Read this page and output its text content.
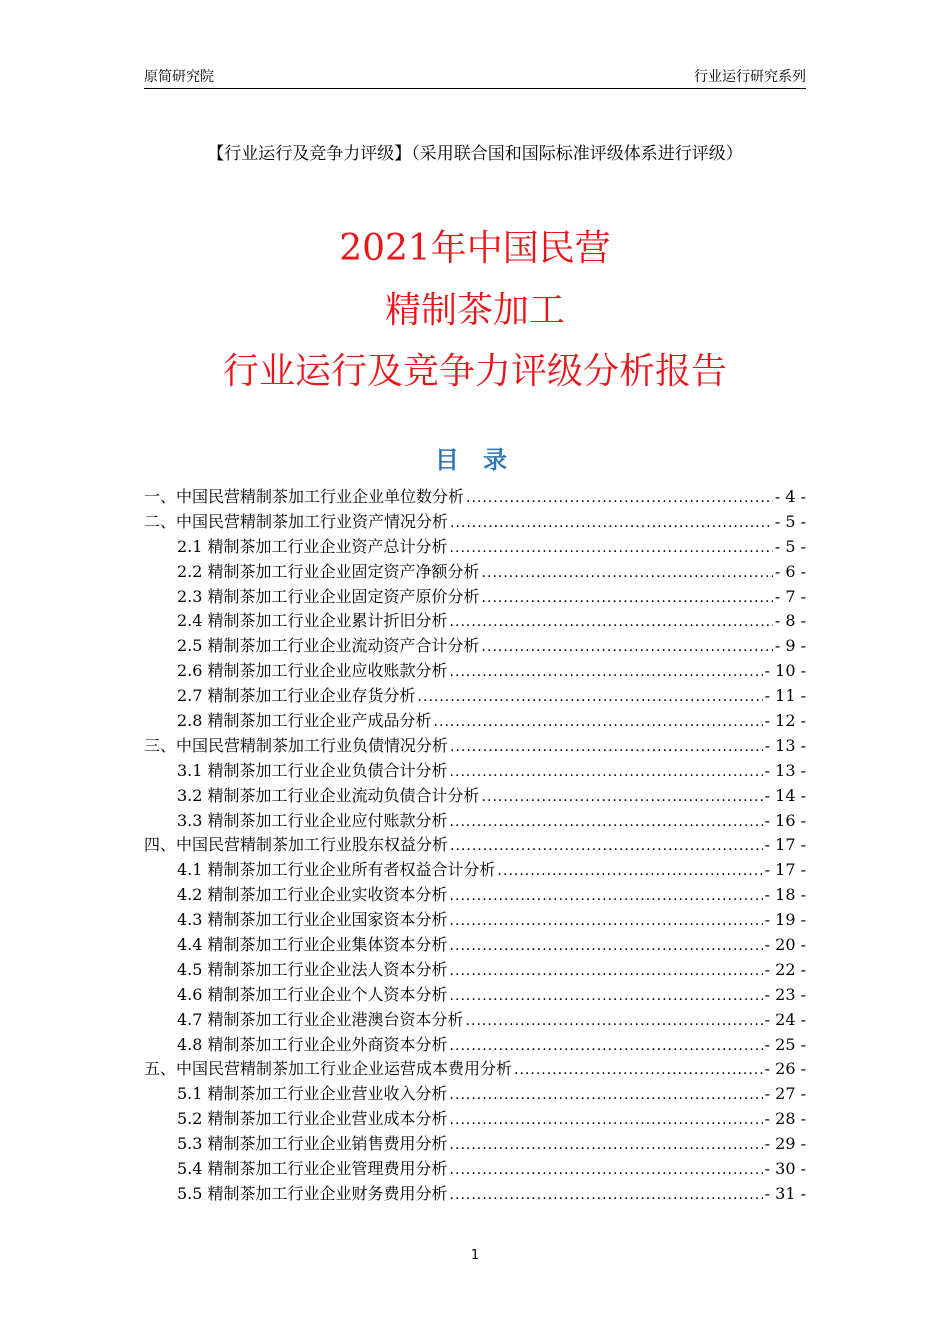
原简研究院	行业运行研究系列
【行业运行及竞争力评级】（采用联合国和国际标准评级体系进行评级）
2021年中国民营
精制茶加工
行业运行及竞争力评级分析报告
目 录
一、中国民营精制茶加工行业企业单位数分析 .....	- 4 -
二、中国民营精制茶加工行业资产情况分析 .....	- 5 -
2.1 精制茶加工行业企业资产总计分析 .....	- 5 -
2.2 精制茶加工行业企业固定资产净额分析 .....	- 6 -
2.3 精制茶加工行业企业固定资产原价分析 .....	- 7 -
2.4 精制茶加工行业企业累计折旧分析 .....	- 8 -
2.5 精制茶加工行业企业流动资产合计分析 .....	- 9 -
2.6 精制茶加工行业企业应收账款分析 .....	- 10 -
2.7 精制茶加工行业企业存货分析 .....	- 11 -
2.8 精制茶加工行业企业产成品分析 .....	- 12 -
三、中国民营精制茶加工行业负债情况分析 .....	- 13 -
3.1 精制茶加工行业企业负债合计分析 .....	- 13 -
3.2 精制茶加工行业企业流动负债合计分析 .....	- 14 -
3.3 精制茶加工行业企业应付账款分析 .....	- 16 -
四、中国民营精制茶加工行业股东权益分析 .....	- 17 -
4.1 精制茶加工行业企业所有者权益合计分析 .....	- 17 -
4.2 精制茶加工行业企业实收资本分析 .....	- 18 -
4.3 精制茶加工行业企业国家资本分析 .....	- 19 -
4.4 精制茶加工行业企业集体资本分析 .....	- 20 -
4.5 精制茶加工行业企业法人资本分析 .....	- 22 -
4.6 精制茶加工行业企业个人资本分析 .....	- 23 -
4.7 精制茶加工行业企业港澳台资本分析 .....	- 24 -
4.8 精制茶加工行业企业外商资本分析 .....	- 25 -
五、中国民营精制茶加工行业企业运营成本费用分析 .....	- 26 -
5.1 精制茶加工行业企业营业收入分析 .....	- 27 -
5.2 精制茶加工行业企业营业成本分析 .....	- 28 -
5.3 精制茶加工行业企业销售费用分析 .....	- 29 -
5.4 精制茶加工行业企业管理费用分析 .....	- 30 -
5.5 精制茶加工行业企业财务费用分析 .....	- 31 -
1
